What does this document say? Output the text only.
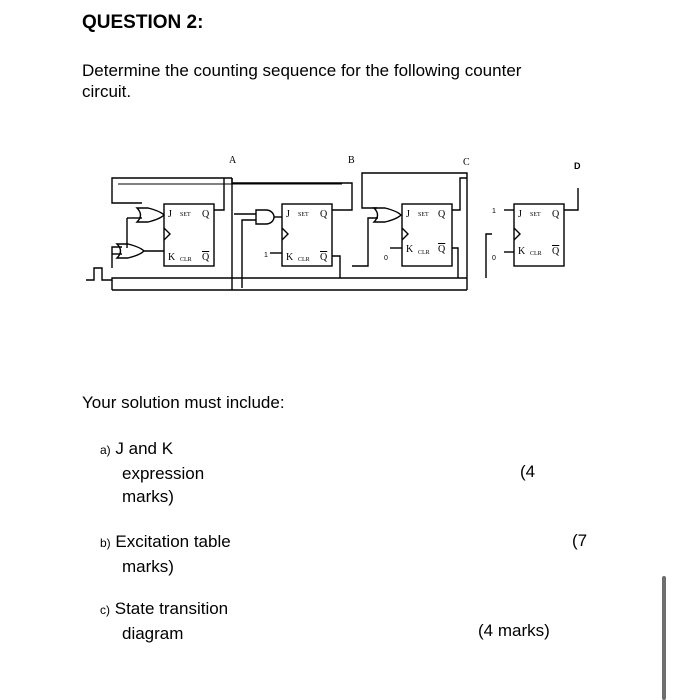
QUESTION 2:
Determine the counting sequence for the following counter
circuit.
J SET Q
K CLR Q
J SET Q
K CLR Q
1
J SET Q
K CLR Q
0
J SET Q
K CLR Q
1
0
A	B	C	D
Your solution must include:
a) J and K
expression
marks)
(4
b) Excitation table
marks)
(7
c) State transition
diagram	(4 marks)
